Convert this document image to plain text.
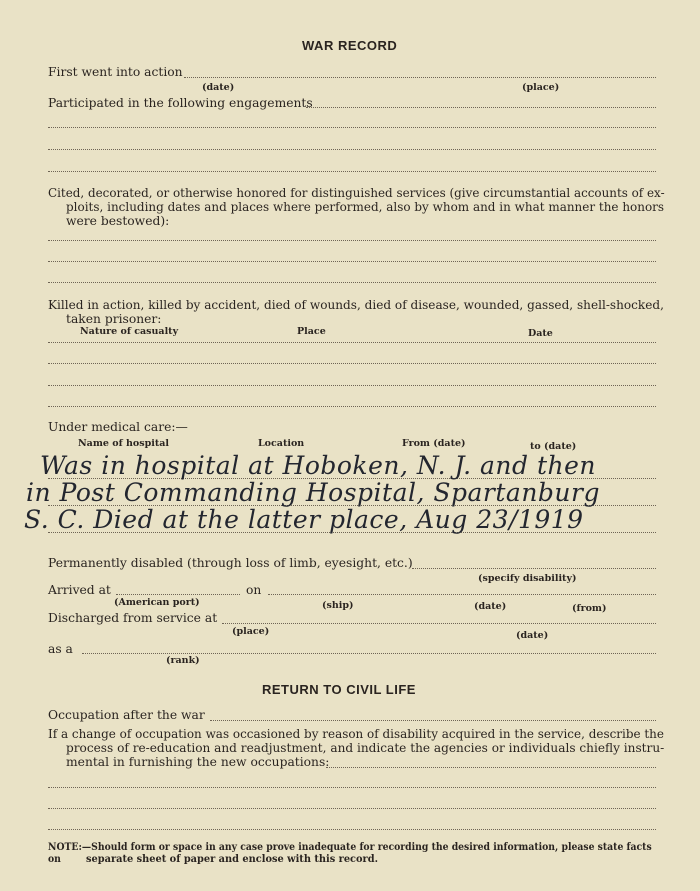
WAR RECORD
First went into action
(date)	(place)
Participated in the following engagements
Cited, decorated, or otherwise honored for distinguished services (give circumstantial accounts of ex-
ploits, including dates and places where performed, also by whom and in what manner the honors
were bestowed):
Killed in action, killed by accident, died of wounds, died of disease, wounded, gassed, shell-shocked,
taken prisoner:
Nature of casualty	Place	Date
Under medical care:—
Name of hospital	Location	From (date)	to (date)
Was in hospital at Hoboken, N. J. and then
in Post Commanding Hospital, Spartanburg
S. C. Died at the latter place, Aug 23/1919
Permanently disabled (through loss of limb, eyesight, etc.)
(specify disability)
Arrived at	on
(American port)	(ship)	(date)	(from)
Discharged from service at
(place)	(date)
as a
(rank)
RETURN TO CIVIL LIFE
Occupation after the war
If a change of occupation was occasioned by reason of disability acquired in the service, describe the
process of re-education and readjustment, and indicate the agencies or individuals chiefly instru-
mental in furnishing the new occupations:
NOTE:—Should form or space in any case prove inadequate for recording the desired information, please state facts on	separate sheet of paper and enclose with this record.
